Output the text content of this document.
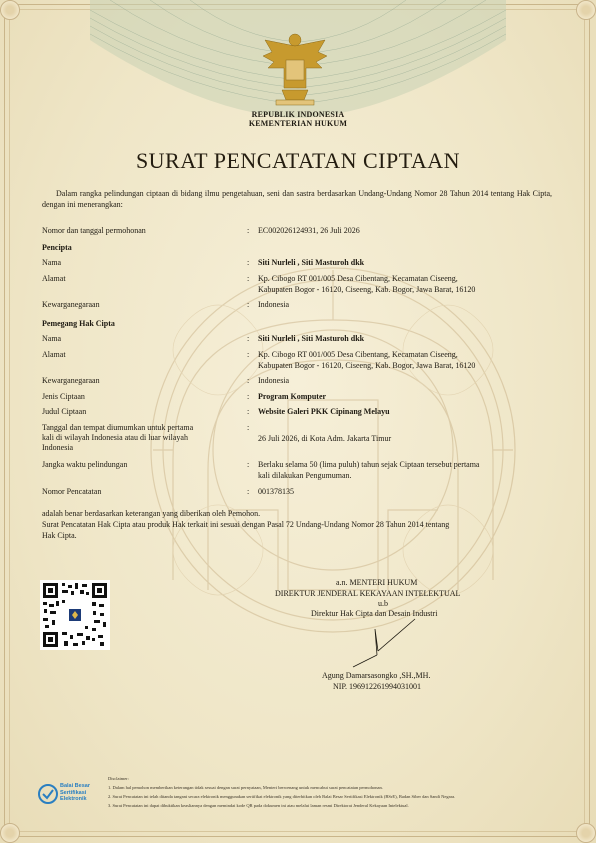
REPUBLIK INDONESIA
KEMENTERIAN HUKUM
SURAT PENCATATAN CIPTAAN
Dalam rangka pelindungan ciptaan di bidang ilmu pengetahuan, seni dan sastra berdasarkan Undang-Undang Nomor 28 Tahun 2014 tentang Hak Cipta, dengan ini menerangkan:
Nomor dan tanggal permohonan	: EC002026124931, 26 Juli 2026
Pencipta
Nama	: Siti Nurleli , Siti Masturoh dkk
Alamat	: Kp. Cibogo RT 001/005 Desa Cibentang, Kecamatan Ciseeng,
Kabupaten Bogor - 16120, Ciseeng, Kab. Bogor, Jawa Barat, 16120
Kewarganegaraan	: Indonesia
Pemegang Hak Cipta
Nama	: Siti Nurleli , Siti Masturoh dkk
Alamat	: Kp. Cibogo RT 001/005 Desa Cibentang, Kecamatan Ciseeng,
Kabupaten Bogor - 16120, Ciseeng, Kab. Bogor, Jawa Barat, 16120
Kewarganegaraan	: Indonesia
Jenis Ciptaan	: Program Komputer
Judul Ciptaan	: Website Galeri PKK Cipinang Melayu
Tanggal dan tempat diumumkan untuk pertama	:
kali di wilayah Indonesia atau di luar wilayah
Indonesia
26 Juli 2026, di Kota Adm. Jakarta Timur
Jangka waktu pelindungan	: Berlaku selama 50 (lima puluh) tahun sejak Ciptaan tersebut pertama
kali dilakukan Pengumuman.
Nomor Pencatatan	: 001378135
adalah benar berdasarkan keterangan yang diberikan oleh Pemohon.
Surat Pencatatan Hak Cipta atau produk Hak terkait ini sesuai dengan Pasal 72 Undang-Undang Nomor 28 Tahun 2014 tentang
Hak Cipta.
a.n. MENTERI HUKUM
DIREKTUR JENDERAL KEKAYAAN INTELEKTUAL
u.b
Direktur Hak Cipta dan Desain Industri
Agung Damarsasongko ,SH.,MH.
NIP. 196912261994031001
Balai Besar
Sertifikasi
Elektronik
Disclaimer:
1. Dalam hal pemohon memberikan keterangan tidak sesuai dengan surat pernyataan, Menteri berwenang untuk mencabut surat pencatatan permohonan.
2. Surat Pencatatan ini telah ditanda tangani secara elektronik menggunakan sertifikat elektronik yang diterbitkan oleh Balai Besar Sertifikasi Elektronik (BSrE), Badan Siber dan Sandi Negara.
3. Surat Pencatatan ini dapat dibuktikan keasliannya dengan memindai kode QR pada dokumen ini atau melalui laman resmi Direktorat Jenderal Kekayaan Intelektual.
